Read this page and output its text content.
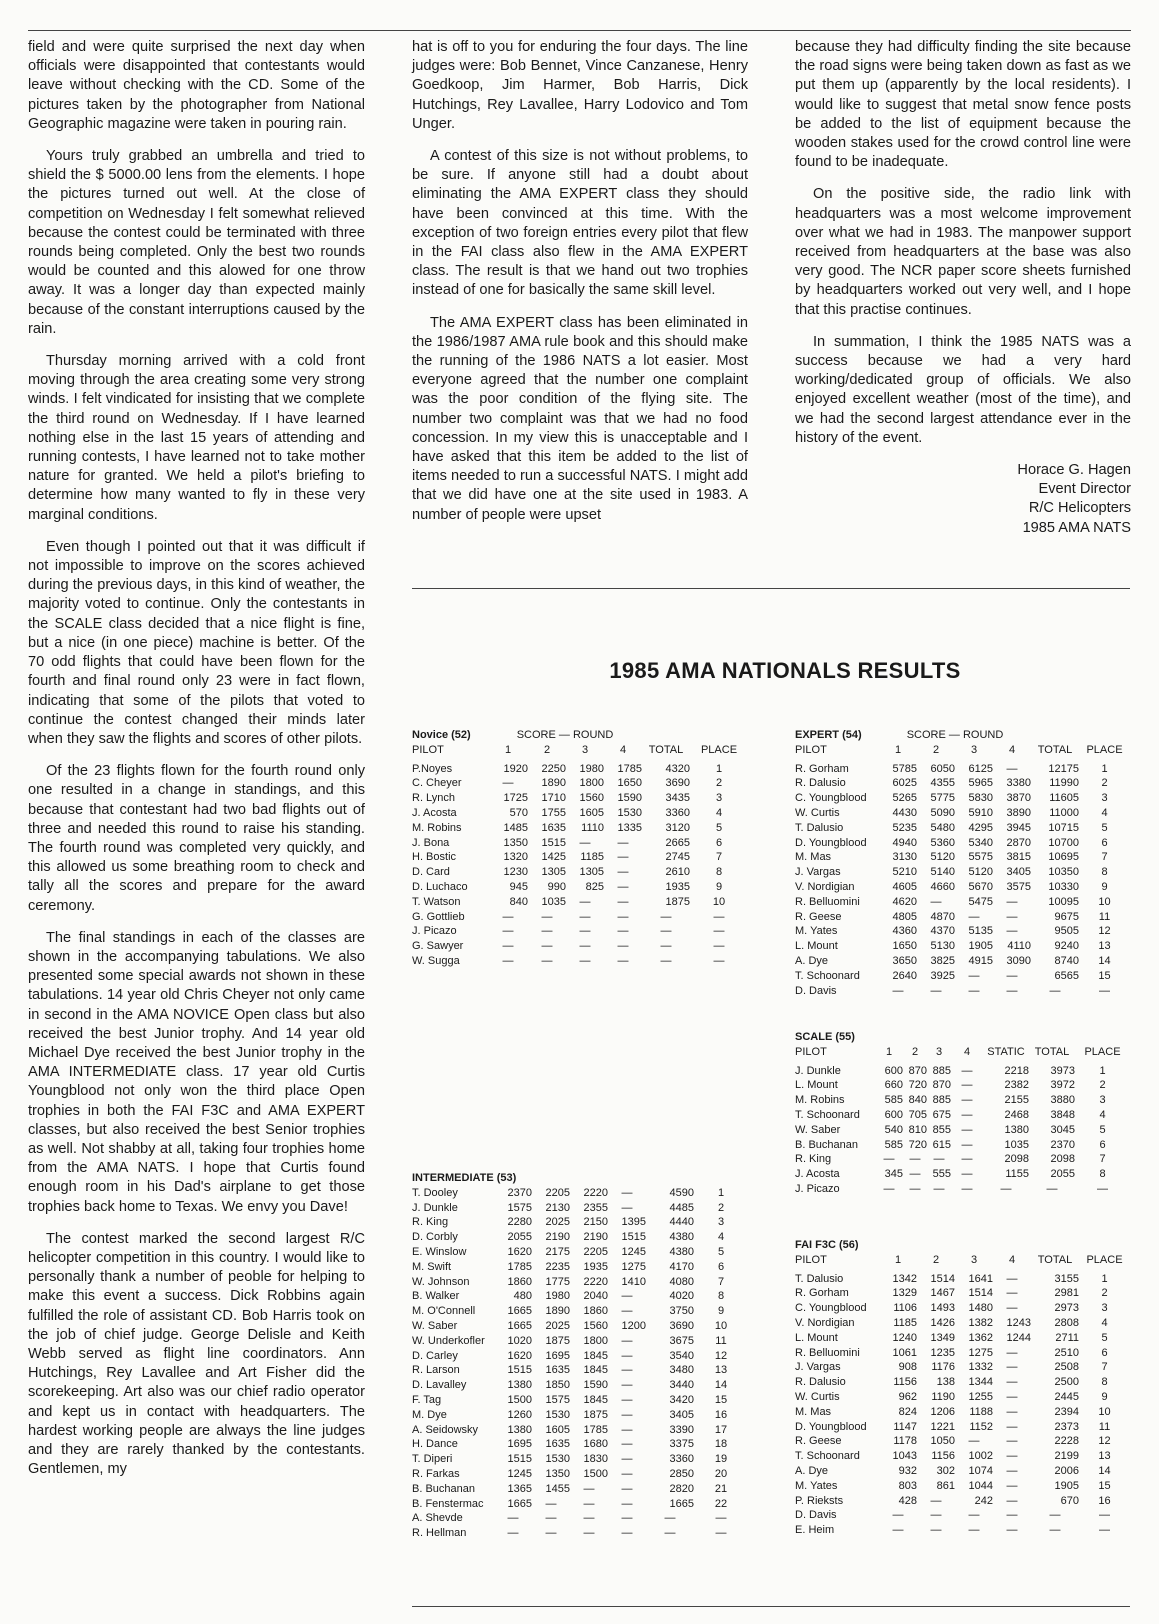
field and were quite surprised the next day when officials were disappointed that contestants would leave without checking with the CD. Some of the pictures taken by the photographer from National Geographic magazine were taken in pouring rain.

Yours truly grabbed an umbrella and tried to shield the $ 5000.00 lens from the elements. I hope the pictures turned out well. At the close of competition on Wednesday I felt somewhat relieved because the contest could be terminated with three rounds being completed. Only the best two rounds would be counted and this alowed for one throw away. It was a longer day than expected mainly because of the constant interruptions caused by the rain.

Thursday morning arrived with a cold front moving through the area creating some very strong winds. I felt vindicated for insisting that we complete the third round on Wednesday. If I have learned nothing else in the last 15 years of attending and running contests, I have learned not to take mother nature for granted. We held a pilot's briefing to determine how many wanted to fly in these very marginal conditions.

Even though I pointed out that it was difficult if not impossible to improve on the scores achieved during the previous days, in this kind of weather, the majority voted to continue. Only the contestants in the SCALE class decided that a nice flight is fine, but a nice (in one piece) machine is better. Of the 70 odd flights that could have been flown for the fourth and final round only 23 were in fact flown, indicating that some of the pilots that voted to continue the contest changed their minds later when they saw the flights and scores of other pilots.

Of the 23 flights flown for the fourth round only one resulted in a change in standings, and this because that contestant had two bad flights out of three and needed this round to raise his standing. The fourth round was completed very quickly, and this allowed us some breathing room to check and tally all the scores and prepare for the award ceremony.

The final standings in each of the classes are shown in the accompanying tabulations. We also presented some special awards not shown in these tabulations. 14 year old Chris Cheyer not only came in second in the AMA NOVICE Open class but also received the best Junior trophy. And 14 year old Michael Dye received the best Junior trophy in the AMA INTERMEDIATE class. 17 year old Curtis Youngblood not only won the third place Open trophies in both the FAI F3C and AMA EXPERT classes, but also received the best Senior trophies as well. Not shabby at all, taking four trophies home from the AMA NATS. I hope that Curtis found enough room in his Dad's airplane to get those trophies back home to Texas. We envy you Dave!

The contest marked the second largest R/C helicopter competition in this country. I would like to personally thank a number of peoble for helping to make this event a success. Dick Robbins again fulfilled the role of assistant CD. Bob Harris took on the job of chief judge. George Delisle and Keith Webb served as flight line coordinators. Ann Hutchings, Rey Lavallee and Art Fisher did the scorekeeping. Art also was our chief radio operator and kept us in contact with headquarters. The hardest working people are always the line judges and they are rarely thanked by the contestants. Gentlemen, my

hat is off to you for enduring the four days. The line judges were: Bob Bennet, Vince Canzanese, Henry Goedkoop, Jim Harmer, Bob Harris, Dick Hutchings, Rey Lavallee, Harry Lodovico and Tom Unger.

A contest of this size is not without problems, to be sure. If anyone still had a doubt about eliminating the AMA EXPERT class they should have been convinced at this time. With the exception of two foreign entries every pilot that flew in the FAI class also flew in the AMA EXPERT class. The result is that we hand out two trophies instead of one for basically the same skill level.

The AMA EXPERT class has been eliminated in the 1986/1987 AMA rule book and this should make the running of the 1986 NATS a lot easier. Most everyone agreed that the number one complaint was the poor condition of the flying site. The number two complaint was that we had no food concession. In my view this is unacceptable and I have asked that this item be added to the list of items needed to run a successful NATS. I might add that we did have one at the site used in 1983. A number of people were upset

because they had difficulty finding the site because the road signs were being taken down as fast as we put them up (apparently by the local residents). I would like to suggest that metal snow fence posts be added to the list of equipment because the wooden stakes used for the crowd control line were found to be inadequate.

On the positive side, the radio link with headquarters was a most welcome improvement over what we had in 1983. The manpower support received from headquarters at the base was also very good. The NCR paper score sheets furnished by headquarters worked out very well, and I hope that this practise continues.

In summation, I think the 1985 NATS was a success because we had a very hard working/dedicated group of officials. We also enjoyed excellent weather (most of the time), and we had the second largest attendance ever in the history of the event.

Horace G. Hagen
Event Director
R/C Helicopters
1985 AMA NATS
1985 AMA NATIONALS RESULTS
Novice (52)	SCORE — ROUND					
PILOT	1	2	3	4	TOTAL	PLACE

P.Noyes	1920	2250	1980	1785	4320	1
C. Cheyer	—	1890	1800	1650	3690	2
R. Lynch	1725	1710	1560	1590	3435	3
J. Acosta	570	1755	1605	1530	3360	4
M. Robins	1485	1635	1110	1335	3120	5
J. Bona	1350	1515	—	—	2665	6
H. Bostic	1320	1425	1185	—	2745	7
D. Card	1230	1305	1305	—	2610	8
D. Luchaco	945	990	825	—	1935	9
T. Watson	840	1035	—	—	1875	10
G. Gottlieb	—	—	—	—	—	—
J. Picazo	—	—	—	—	—	—
G. Sawyer	—	—	—	—	—	—
W. Sugga	—	—	—	—	—	—
EXPERT (54)	SCORE — ROUND					
PILOT	1	2	3	4	TOTAL	PLACE

R. Gorham	5785	6050	6125	—	12175	1
R. Dalusio	6025	4355	5965	3380	11990	2
C. Youngblood	5265	5775	5830	3870	11605	3
W. Curtis	4430	5090	5910	3890	11000	4
T. Dalusio	5235	5480	4295	3945	10715	5
D. Youngblood	4940	5360	5340	2870	10700	6
M. Mas	3130	5120	5575	3815	10695	7
J. Vargas	5210	5140	5120	3405	10350	8
V. Nordigian	4605	4660	5670	3575	10330	9
R. Belluomini	4620	—	5475	—	10095	10
R. Geese	4805	4870	—	—	9675	11
M. Yates	4360	4370	5135	—	9505	12
L. Mount	1650	5130	1905	4110	9240	13
A. Dye	3650	3825	4915	3090	8740	14
T. Schoonard	2640	3925	—	—	6565	15
D. Davis	—	—	—	—	—	—
SCALE (55)							
PILOT	1	2	3	4	STATIC	TOTAL	PLACE

J. Dunkle	600	870	885	—	2218	3973	1
L. Mount	660	720	870	—	2382	3972	2
M. Robins	585	840	885	—	2155	3880	3
T. Schoonard	600	705	675	—	2468	3848	4
W. Saber	540	810	855	—	1380	3045	5
B. Buchanan	585	720	615	—	1035	2370	6
R. King	—	—	—	—	2098	2098	7
J. Acosta	345	—	555	—	1155	2055	8
J. Picazo	—	—	—	—	—	—	—
INTERMEDIATE (53)						
T. Dooley	2370	2205	2220	—	4590	1
J. Dunkle	1575	2130	2355	—	4485	2
R. King	2280	2025	2150	1395	4440	3
D. Corbly	2055	2190	2190	1515	4380	4
E. Winslow	1620	2175	2205	1245	4380	5
M. Swift	1785	2235	1935	1275	4170	6
W. Johnson	1860	1775	2220	1410	4080	7
B. Walker	480	1980	2040	—	4020	8
M. O'Connell	1665	1890	1860	—	3750	9
W. Saber	1665	2025	1560	1200	3690	10
W. Underkofler	1020	1875	1800	—	3675	11
D. Carley	1620	1695	1845	—	3540	12
R. Larson	1515	1635	1845	—	3480	13
D. Lavalley	1380	1850	1590	—	3440	14
F. Tag	1500	1575	1845	—	3420	15
M. Dye	1260	1530	1875	—	3405	16
A. Seidowsky	1380	1605	1785	—	3390	17
H. Dance	1695	1635	1680	—	3375	18
T. Diperi	1515	1530	1830	—	3360	19
R. Farkas	1245	1350	1500	—	2850	20
B. Buchanan	1365	1455	—	—	2820	21
B. Fenstermac	1665	—	—	—	1665	22
A. Shevde	—	—	—	—	—	—
R. Hellman	—	—	—	—	—	—
FAI F3C (56)						
PILOT	1	2	3	4	TOTAL	PLACE

T. Dalusio	1342	1514	1641	—	3155	1
R. Gorham	1329	1467	1514	—	2981	2
C. Youngblood	1106	1493	1480	—	2973	3
V. Nordigian	1185	1426	1382	1243	2808	4
L. Mount	1240	1349	1362	1244	2711	5
R. Belluomini	1061	1235	1275	—	2510	6
J. Vargas	908	1176	1332	—	2508	7
R. Dalusio	1156	138	1344	—	2500	8
W. Curtis	962	1190	1255	—	2445	9
M. Mas	824	1206	1188	—	2394	10
D. Youngblood	1147	1221	1152	—	2373	11
R. Geese	1178	1050	—	—	2228	12
T. Schoonard	1043	1156	1002	—	2199	13
A. Dye	932	302	1074	—	2006	14
M. Yates	803	861	1044	—	1905	15
P. Rieksts	428	—	242	—	670	16
D. Davis	—	—	—	—	—	—
E. Heim	—	—	—	—	—	—
